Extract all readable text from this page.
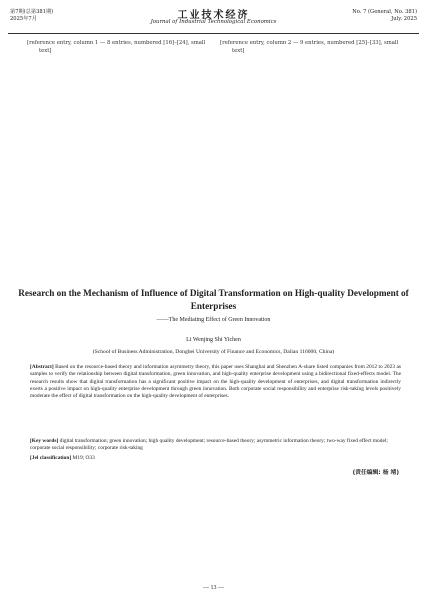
第7期(总第381期)
2025年7月	工业技术经济
Journal of Industrial Technological Economics
No. 7 (General, No. 381)
July. 2025

[reference entry, column 1 — 8 entries, numbered [16]–[24], small text]

[reference entry, column 2 — 9 entries, numbered [25]–[33], small text]

Research on the Mechanism of Influence of Digital Transformation on High-quality Development of Enterprises
——The Mediating Effect of Green Innovation
Li Wenjing Shi Yichen
(School of Business Administration, Dongbei University of Finance and Economics, Dalian 116000, China)
[Abstract] Based on the resource-based theory and information asymmetry theory, this paper uses Shanghai and Shenzhen A-share listed companies from 2012 to 2023 as samples to verify the relationship between digital transformation, green innovation, and high-quality enterprise development using a bidirectional fixed-effects model. The research results show that digital transformation has a significant positive impact on the high-quality development of enterprises, and digital transformation indirectly exerts a positive impact on high-quality enterprise development through green innovation. Both corporate social responsibility and enterprise risk-taking levels positively moderate the effect of digital transformation on the high-quality development of enterprises.
[Key words] digital transformation; green innovation; high quality development; resource-based theory; asymmetric information theory; two-way fixed effect model; corporate social responsibility; corporate risk-taking
[Jel classification] M19; O33
(责任编辑: 杨 靖)
— 13 —
